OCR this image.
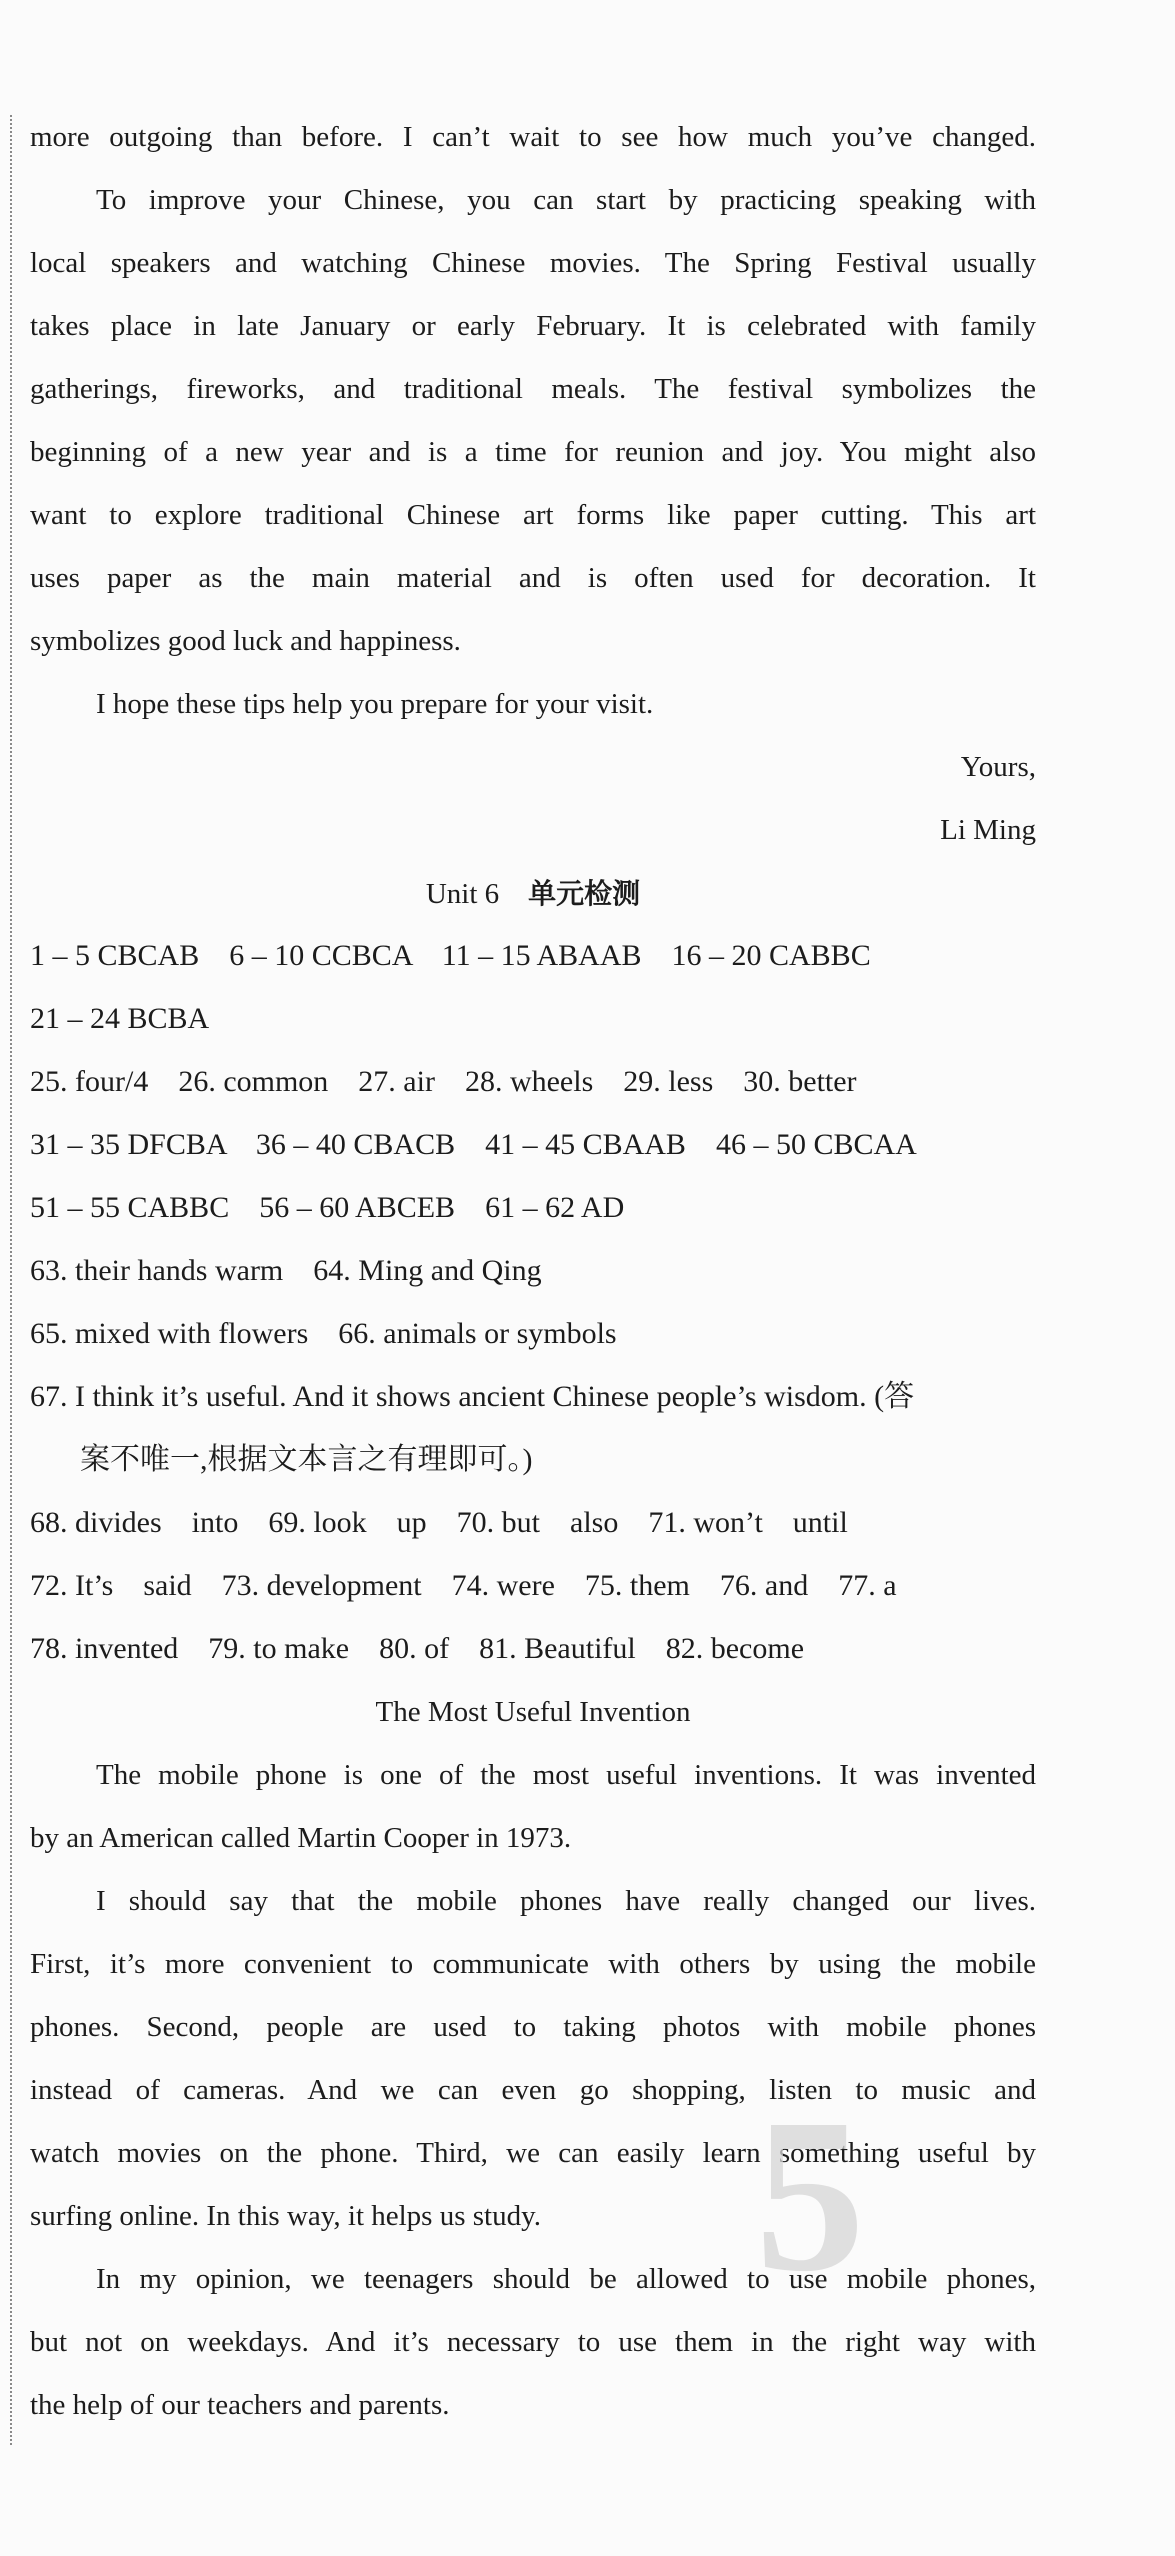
more outgoing than before. I can’t wait to see how much you’ve changed.
To improve your Chinese, you can start by practicing speaking with
local speakers and watching Chinese movies. The Spring Festival usually
takes place in late January or early February. It is celebrated with family
gatherings, fireworks, and traditional meals. The festival symbolizes the
beginning of a new year and is a time for reunion and joy. You might also
want to explore traditional Chinese art forms like paper cutting. This art
uses paper as the main material and is often used for decoration. It
symbolizes good luck and happiness.
I hope these tips help you prepare for your visit.
Yours,
Li Ming
Unit 6 单元检测
1 – 5 CBCAB    6 – 10 CCBCA    11 – 15 ABAAB    16 – 20 CABBC
21 – 24 BCBA
25. four/4    26. common    27. air    28. wheels    29. less    30. better
31 – 35 DFCBA    36 – 40 CBACB    41 – 45 CBAAB    46 – 50 CBCAA
51 – 55 CABBC    56 – 60 ABCEB    61 – 62 AD
63. their hands warm    64. Ming and Qing
65. mixed with flowers    66. animals or symbols
67. I think it’s useful. And it shows ancient Chinese people’s wisdom. (答
案不唯一,根据文本言之有理即可。)
68. divides    into    69. look    up    70. but    also    71. won’t    until
72. It’s    said    73. development    74. were    75. them    76. and    77. a
78. invented    79. to make    80. of    81. Beautiful    82. become
The Most Useful Invention
The mobile phone is one of the most useful inventions. It was invented
by an American called Martin Cooper in 1973.
I should say that the mobile phones have really changed our lives.
First, it’s more convenient to communicate with others by using the mobile
phones. Second, people are used to taking photos with mobile phones
instead of cameras. And we can even go shopping, listen to music and
watch movies on the phone. Third, we can easily learn something useful by
surfing online. In this way, it helps us study.
In my opinion, we teenagers should be allowed to use mobile phones,
but not on weekdays. And it’s necessary to use them in the right way with
the help of our teachers and parents.
5
